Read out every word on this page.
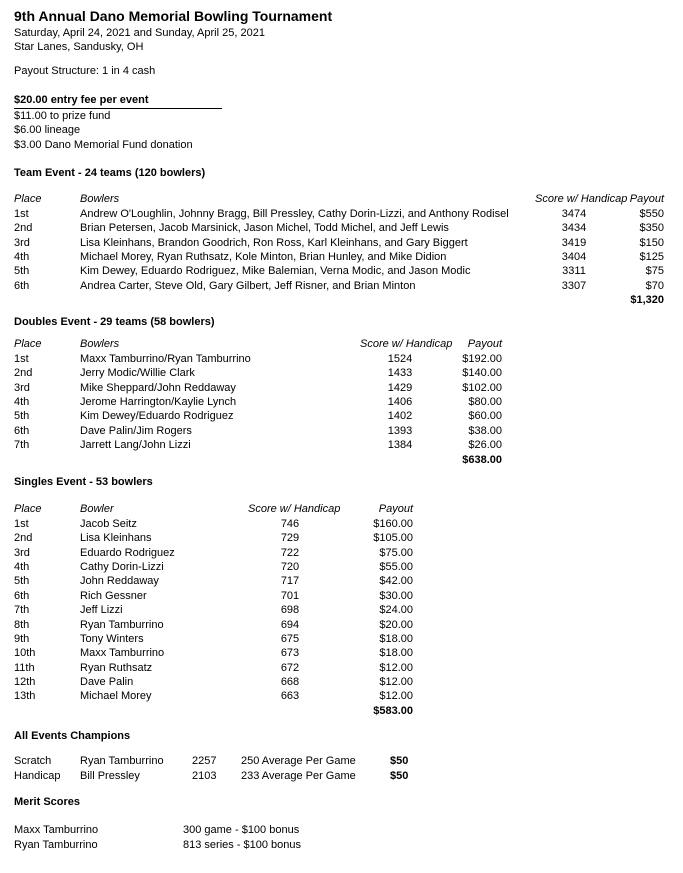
9th Annual Dano Memorial Bowling Tournament
Saturday, April 24, 2021 and Sunday, April 25, 2021
Star Lanes, Sandusky, OH
Payout Structure: 1 in 4 cash
$20.00 entry fee per event
$11.00 to prize fund
$6.00 lineage
$3.00 Dano Memorial Fund donation
Team Event - 24 teams (120 bowlers)
Place	Bowlers	Score w/ Handicap Payout
1st	Andrew O'Loughlin, Johnny Bragg, Bill Pressley, Cathy Dorin-Lizzi, and Anthony Rodisel	3474	$550
2nd	Brian Petersen, Jacob Marsinick, Jason Michel, Todd Michel, and Jeff Lewis	3434	$350
3rd	Lisa Kleinhans, Brandon Goodrich, Ron Ross, Karl Kleinhans, and Gary Biggert	3419	$150
4th	Michael Morey, Ryan Ruthsatz, Kole Minton, Brian Hunley, and Mike Didion	3404	$125
5th	Kim Dewey, Eduardo Rodriguez, Mike Balemian, Verna Modic, and Jason Modic	3311	$75
6th	Andrea Carter, Steve Old, Gary Gilbert, Jeff Risner, and Brian Minton	3307	$70
$1,320
Doubles Event - 29 teams (58 bowlers)
Place	Bowlers	Score w/ Handicap	Payout
1st	Maxx Tamburrino/Ryan Tamburrino	1524	$192.00
2nd	Jerry Modic/Willie Clark	1433	$140.00
3rd	Mike Sheppard/John Reddaway	1429	$102.00
4th	Jerome Harrington/Kaylie Lynch	1406	$80.00
5th	Kim Dewey/Eduardo Rodriguez	1402	$60.00
6th	Dave Palin/Jim Rogers	1393	$38.00
7th	Jarrett Lang/John Lizzi	1384	$26.00
$638.00
Singles Event - 53 bowlers
Place	Bowler	Score w/ Handicap	Payout
1st	Jacob Seitz	746	$160.00
2nd	Lisa Kleinhans	729	$105.00
3rd	Eduardo Rodriguez	722	$75.00
4th	Cathy Dorin-Lizzi	720	$55.00
5th	John Reddaway	717	$42.00
6th	Rich Gessner	701	$30.00
7th	Jeff Lizzi	698	$24.00
8th	Ryan Tamburrino	694	$20.00
9th	Tony Winters	675	$18.00
10th	Maxx Tamburrino	673	$18.00
11th	Ryan Ruthsatz	672	$12.00
12th	Dave Palin	668	$12.00
13th	Michael Morey	663	$12.00
$583.00
All Events Champions
Scratch	Ryan Tamburrino	2257	250 Average Per Game	$50
Handicap	Bill Pressley	2103	233 Average Per Game	$50
Merit Scores
Maxx Tamburrino	300 game - $100 bonus
Ryan Tamburrino	813 series - $100 bonus
